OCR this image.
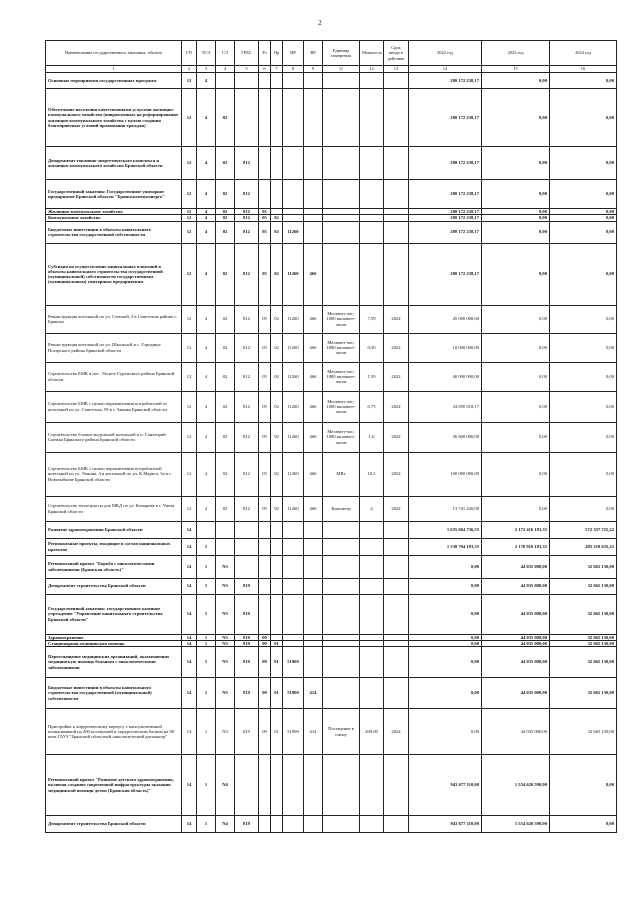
2
Наименование государственного заказчика, объекта	ГП	ТСЭ	СЭ	ГРБС	Рз	Пр	НР	ВР	Единица измерения	Мощность	Срок ввода в действие	2022 год	2023 год	2024 год
1	2	3	4	5	6	7	8	9	11	12	13	14	15	16
Основные мероприятия государственных программ	12	4										280 172 238,17	0,00	0,00
Обеспечение населения качественными услугами жилищно-коммунального хозяйства (направленных на реформирование жилищно-коммунального хозяйства с целью создания благоприятных условий проживания граждан)	12	4	02									280 172 238,17	0,00	0,00
Департамент топливно-энергетического комплекса и жилищно-коммунального хозяйства Брянской области	12	4	02	812								280 172 238,17	0,00	0,00
Государственный заказчик: Государственное унитарное предприятие Брянской области "Брянсккоммунэнерго"	12	4	02	812								280 172 238,17	0,00	0,00
Жилищно-коммунальное хозяйство	12	4	02	812	05							280 172 238,17	0,00	0,00
Коммунальное хозяйство	12	4	02	812	05	02						280 172 238,17	0,00	0,00
Бюджетные инвестиции в объекты капитального строительства государственной собственности	12	4	02	812	05	02	11260					280 172 238,17	0,00	0,00
Субсидия на осуществление капитальных вложений в объекты капитального строительства государственной (муниципальной) собственности государственным (муниципальным) унитарным предприятиям	12	4	02	812	05	02	11260	466				280 172 238,17	0,00	0,00
Реконструкция котельной по ул. Степной, 3 в Советском районе г. Брянска	12	4	02	812	05	02	11260	466	Мегаватт-час; 1000 киловатт-часов	7,59	2022	45 000 000,00	0,00	0,00
Реконструкция котельной по ул. Школьной в с. Городище Погарского района Брянской области	12	4	02	812	05	02	11260	466	Мегаватт-час; 1000 киловатт-часов	0,50	2022	10 000 000,00	0,00	0,00
Строительство БМК в пос. Лесное Суражского района Брянской области	12	4	02	812	05	02	11260	466	Мегаватт-час; 1000 киловатт-часов	1,59	2022	40 000 000,00	0,00	0,00
Строительство БМК с целью переключения потребителей от котельной по ул. Советская, 59 в г. Злынка Брянской области	12	4	02	812	05	02	11260	466	Мегаватт-час; 1000 киловатт-часов	0,75	2022	34 850 818,17	0,00	0,00
Строительство блочно-модульной котельной в п. Санаторий Снежка Брянского района Брянской области	12	4	02	812	05	02	11260	466	Мегаватт-час; 1000 киловатт-часов	1,6	2022	36 600 000,00	0,00	0,00
Строительство БМК с целью переключения потребителей котельной по ул. Ленина, 4 и котельной по ул. К.Маркса, 3а в г. Новозыбкове Брянской области	12	4	02	812	05	02	11260	466	МВт	10,5	2022	100 000 000,00	0,00	0,00
Строительство теплотрассы для МКД по ул. Комарова в г. Унеча Брянской области	12	4	02	812	05	02	11260	466	Километр	4	2022	13 741 420,00	0,00	0,00
Развитие здравоохранения Брянской области	14											1 635 664 736,55	2 172 416 183,35	572 357 725,22
Региональные проекты, входящие в состав национальных проектов	14	1										1 538 704 183,35	2 170 916 183,35	485 218 635,22
Региональный проект "Борьба с онкологическими заболеваниями (Брянская область)"	14	1	N3									0,00	44 035 000,00	32 665 130,00
Департамент строительства Брянской области	14	1	N3	819								0,00	44 035 000,00	32 665 130,00
Государственный заказчик: государственное казенное учреждение "Управление капитального строительства Брянской области"	14	1	N3	819								0,00	44 035 000,00	32 665 130,00
Здравоохранение	14	1	N3	819	09							0,00	44 035 000,00	32 665 130,00
Стационарная медицинская помощь	14	1	N3	819	09	01						0,00	44 035 000,00	32 665 130,00
Переоснащение медицинских организаций, оказывающих медицинскую помощь больным с онкологическими заболеваниями	14	1	N3	819	09	01	51900					0,00	44 035 000,00	32 665 130,00
Бюджетные инвестиции в объекты капитального строительства государственной (муниципальной) собственности	14	1	N3	819	09	01	51900	414				0,00	44 035 000,00	32 665 130,00
Пристройка к хирургическому корпусу с консультативной поликлиникой на 200 посещений и хирургическим блоком на 90 коек ГАУЗ "Брянский областной онкологический диспансер"	14	1	N3	819	09	01	51900	414	Посещение в смену	200,00	2024	0,00	44 035 000,00	32 665 130,00
Региональный проект "Развитие детского здравоохранения, включая создание современной инфраструктуры оказания медицинской помощи детям (Брянская область)"	14	1	N4									943 677 110,00	1 554 620 590,00	0,00
Департамент строительства Брянской области	14	1	N4	819								943 677 110,00	1 554 620 590,00	0,00
